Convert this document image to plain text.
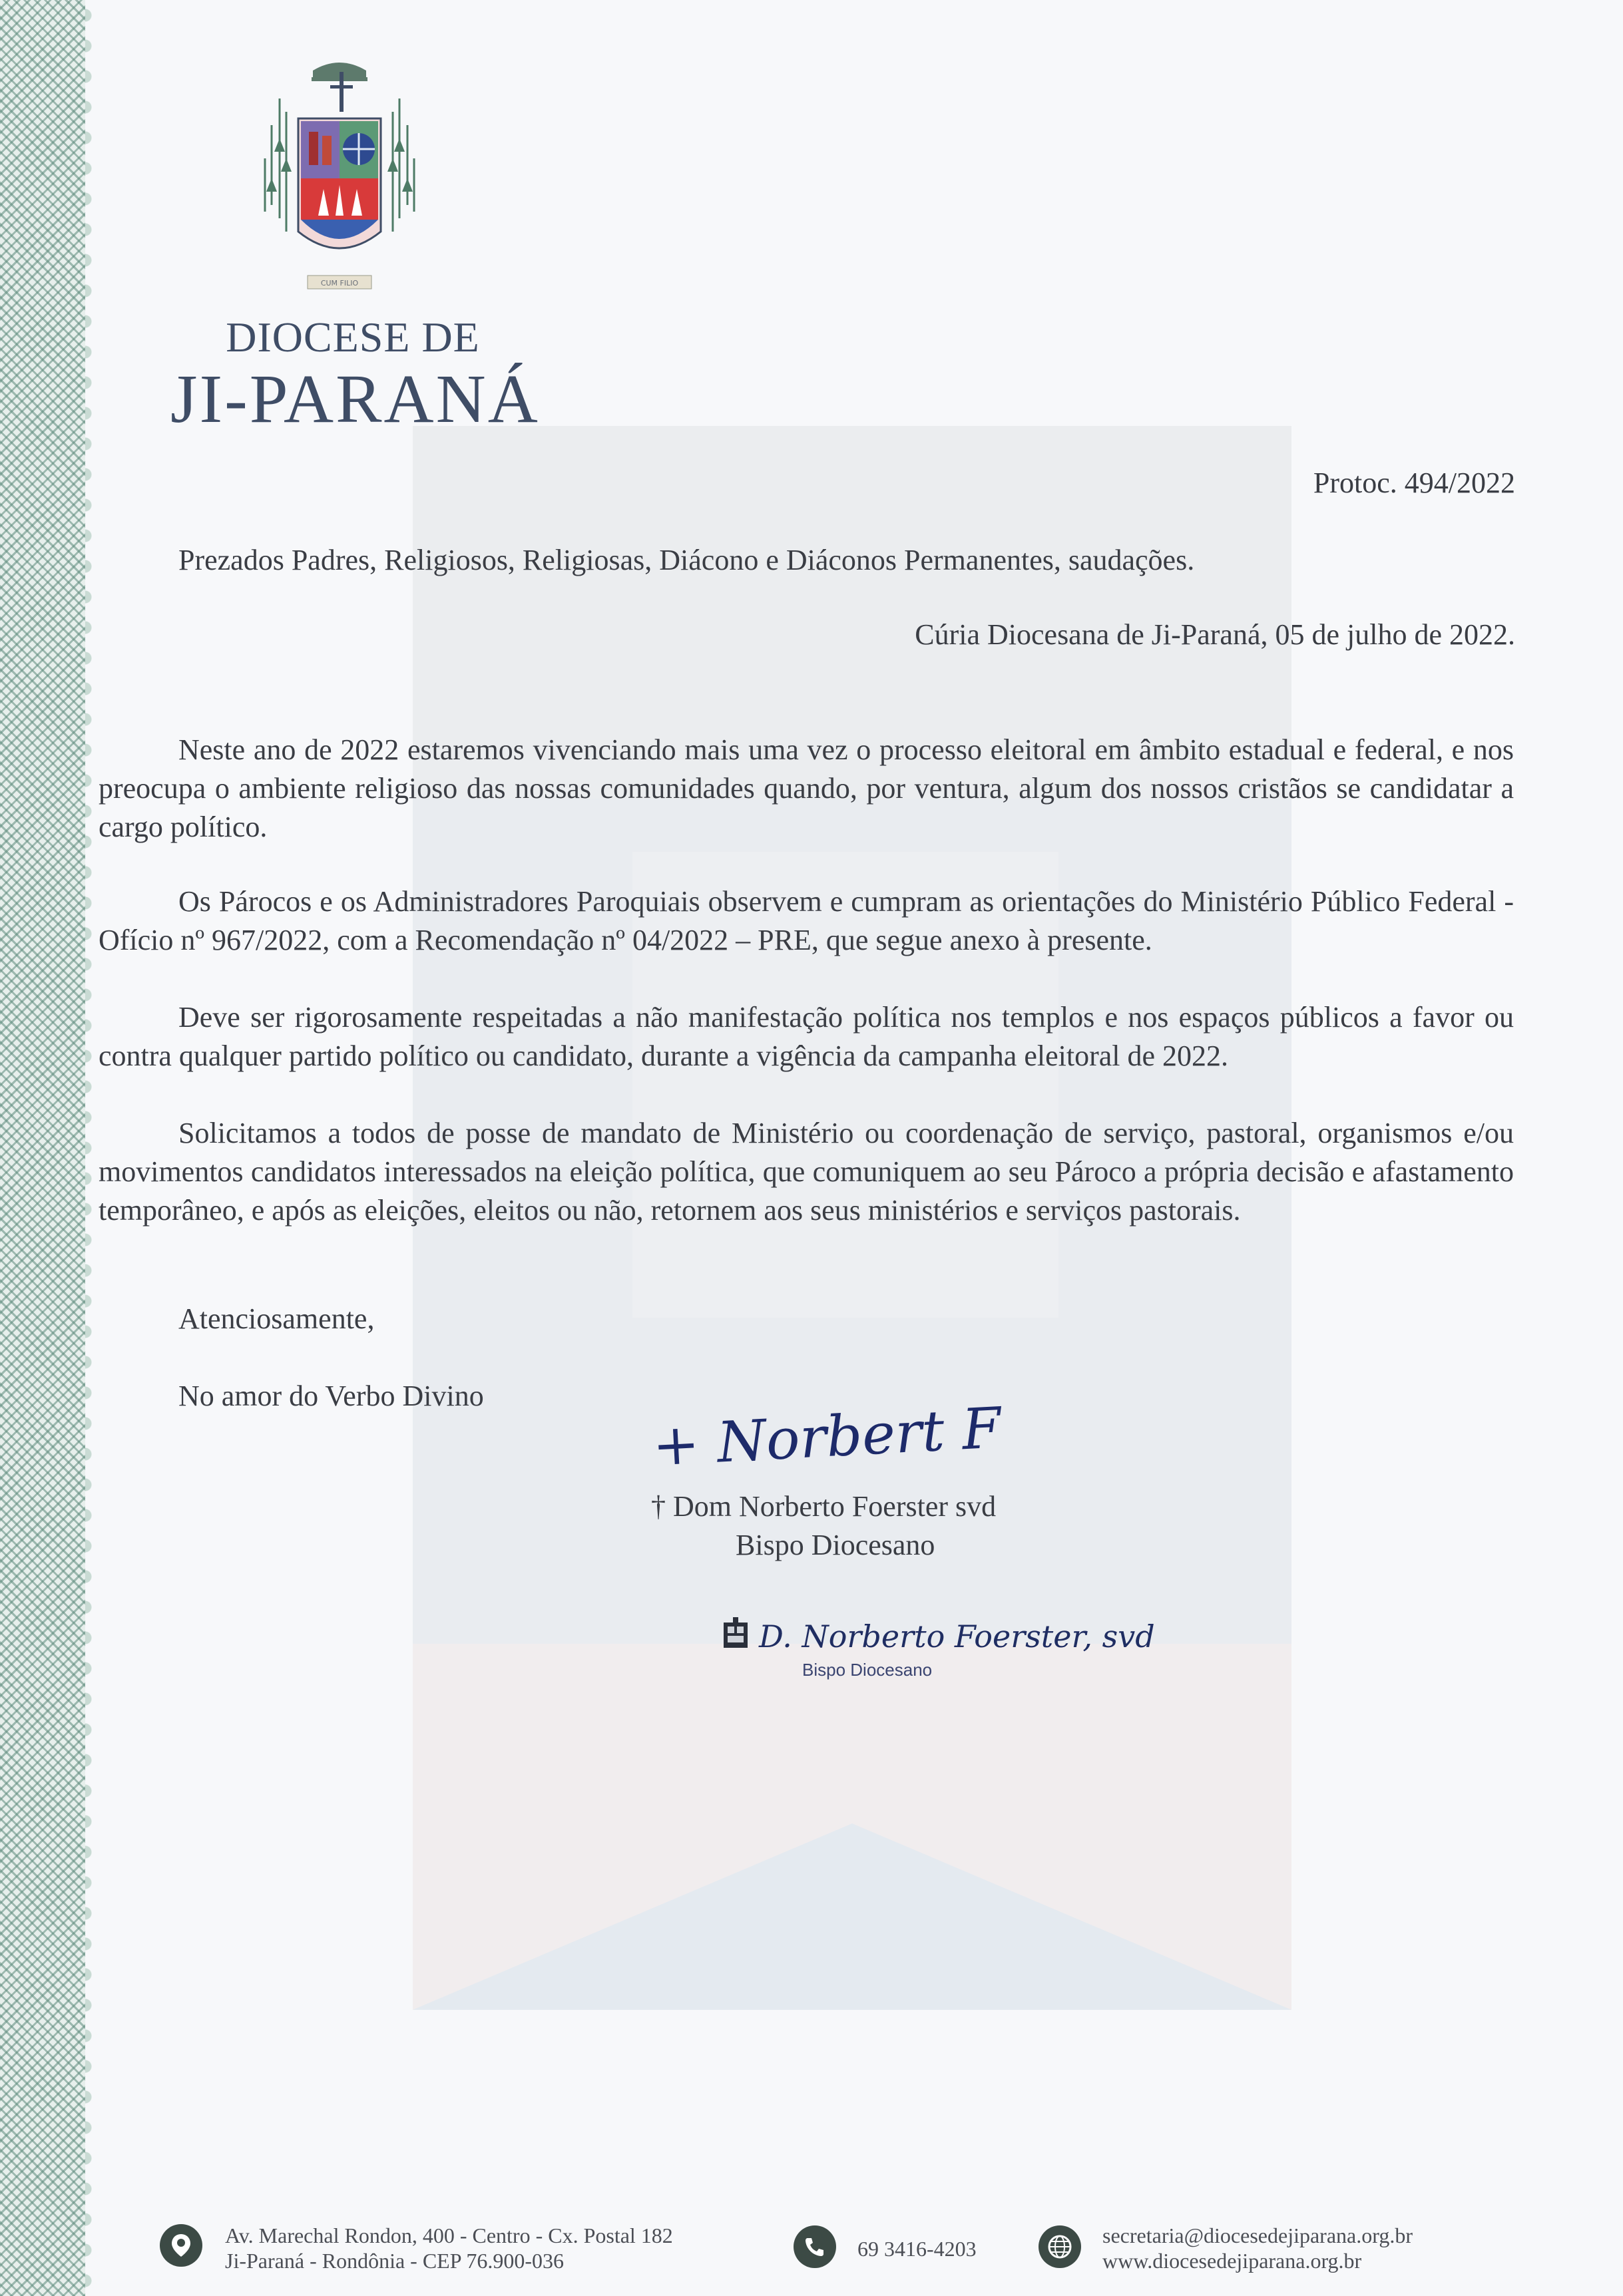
CUM FILIO
DIOCESE DE
JI-PARANÁ
Protoc. 494/2022
Prezados Padres, Religiosos, Religiosas, Diácono e Diáconos Permanentes, saudações.
Cúria Diocesana de Ji-Paraná, 05 de julho de 2022.

Neste ano de 2022 estaremos vivenciando mais uma vez o processo eleitoral em âmbito estadual e federal, e nos preocupa o ambiente religioso das nossas comunidades quando, por ventura, algum dos nossos cristãos se candidatar a cargo político.

Os Párocos e os Administradores Paroquiais observem e cumpram as orientações do Ministério Público Federal - Ofício nº 967/2022, com a Recomendação nº 04/2022 – PRE, que segue anexo à presente.

Deve ser rigorosamente respeitadas a não manifestação política nos templos e nos espaços públicos a favor ou contra qualquer partido político ou candidato, durante a vigência da campanha eleitoral de 2022.

Solicitamos a todos de posse de mandato de Ministério ou coordenação de serviço, pastoral, organismos e/ou movimentos candidatos interessados na eleição política, que comuniquem ao seu Pároco a própria decisão e afastamento temporâneo, e após as eleições, eleitos ou não, retornem aos seus ministérios e serviços pastorais.

Atenciosamente,
No amor do Verbo Divino	+ Norbert F
† Dom Norberto Foerster svd
Bispo Diocesano
D. Norberto Foerster, svd
Bispo Diocesano
Av. Marechal Rondon, 400 - Centro - Cx. Postal 182
Ji-Paraná - Rondônia - CEP 76.900-036	69 3416-4203
secretaria@diocesedejiparana.org.br
www.diocesedejiparana.org.br
